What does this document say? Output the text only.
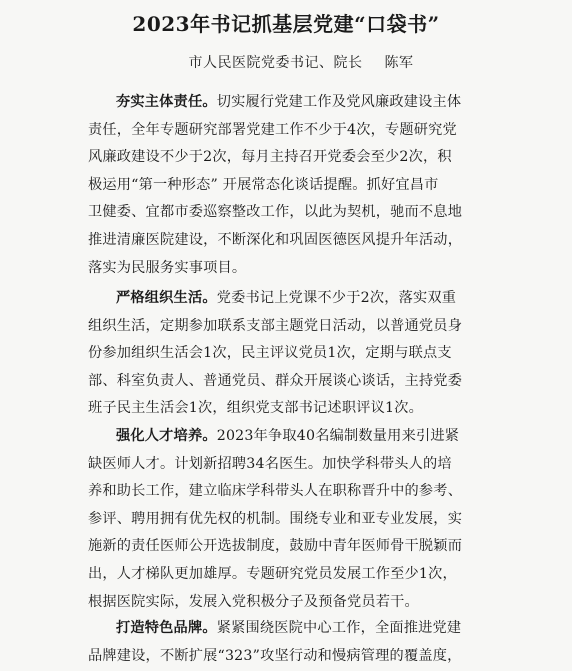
2023年书记抓基层党建“口袋书”
市人民医院党委书记、院长 陈军
夯实主体责任。切实履行党建工作及党风廉政建设主体
责任，全年专题研究部署党建工作不少于4次，专题研究党
风廉政建设不少于2次，每月主持召开党委会至少2次，积
极运用“第一种形态” 开展常态化谈话提醒。抓好宜昌市
卫健委、宜都市委巡察整改工作，以此为契机，驰而不息地
推进清廉医院建设，不断深化和巩固医德医风提升年活动，
落实为民服务实事项目。
严格组织生活。党委书记上党课不少于2次，落实双重
组织生活，定期参加联系支部主题党日活动，以普通党员身
份参加组织生活会1次，民主评议党员1次，定期与联点支
部、科室负责人、普通党员、群众开展谈心谈话，主持党委
班子民主生活会1次，组织党支部书记述职评议1次。
强化人才培养。2023年争取40名编制数量用来引进紧
缺医师人才。计划新招聘34名医生。加快学科带头人的培
养和助长工作，建立临床学科带头人在职称晋升中的参考、
参评、聘用拥有优先权的机制。围绕专业和亚专业发展，实
施新的责任医师公开选拔制度，鼓励中青年医师骨干脱颖而
出，人才梯队更加雄厚。专题研究党员发展工作至少1次，
根据医院实际，发展入党积极分子及预备党员若干。
打造特色品牌。紧紧围绕医院中心工作，全面推进党建
品牌建设，不断扩展“323”攻坚行动和慢病管理的覆盖度，
